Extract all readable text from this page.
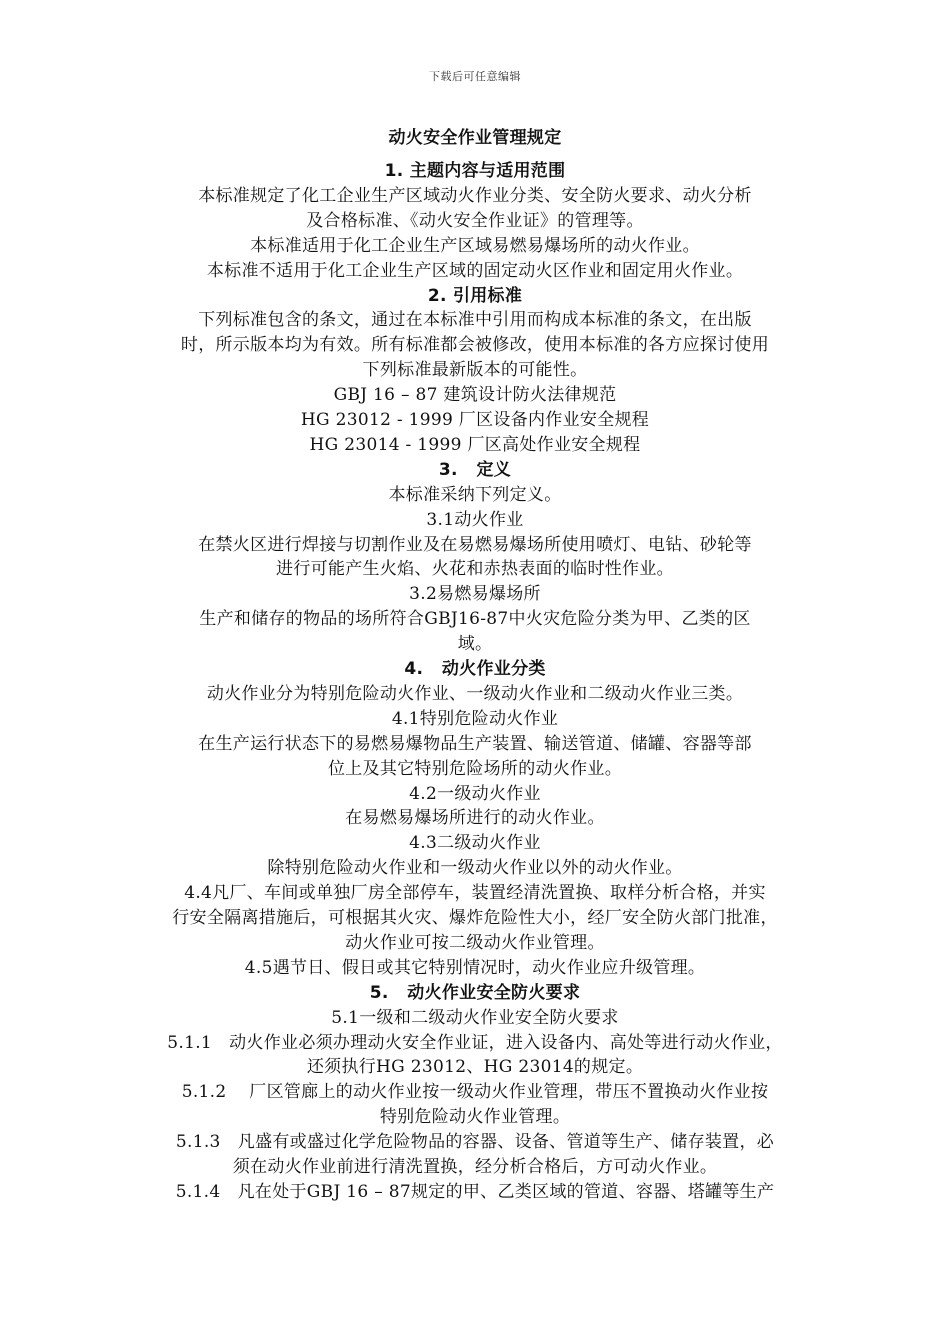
下载后可任意编辑
动火安全作业管理规定
1. 主题内容与适用范围
本标准规定了化工企业生产区域动火作业分类、安全防火要求、动火分析
及合格标准、《动火安全作业证》的管理等。
本标准适用于化工企业生产区域易燃易爆场所的动火作业。
本标准不适用于化工企业生产区域的固定动火区作业和固定用火作业。
2. 引用标准
下列标准包含的条文，通过在本标准中引用而构成本标准的条文，在出版
时，所示版本均为有效。所有标准都会被修改，使用本标准的各方应探讨使用
下列标准最新版本的可能性。
GBJ 16 – 87 建筑设计防火法律规范
HG 23012 - 1999 厂区设备内作业安全规程
HG 23014 - 1999 厂区高处作业安全规程
3.   定义
本标准采纳下列定义。
3.1动火作业
在禁火区进行焊接与切割作业及在易燃易爆场所使用喷灯、电钻、砂轮等
进行可能产生火焰、火花和赤热表面的临时性作业。
3.2易燃易爆场所
生产和储存的物品的场所符合GBJ16-87中火灾危险分类为甲、乙类的区
域。
4.   动火作业分类
动火作业分为特别危险动火作业、一级动火作业和二级动火作业三类。
4.1特别危险动火作业
在生产运行状态下的易燃易爆物品生产装置、输送管道、储罐、容器等部
位上及其它特别危险场所的动火作业。
4.2一级动火作业
在易燃易爆场所进行的动火作业。
4.3二级动火作业
除特别危险动火作业和一级动火作业以外的动火作业。
4.4凡厂、车间或单独厂房全部停车，装置经清洗置换、取样分析合格，并实
行安全隔离措施后，可根据其火灾、爆炸危险性大小，经厂安全防火部门批准，
动火作业可按二级动火作业管理。
4.5遇节日、假日或其它特别情况时，动火作业应升级管理。
5.   动火作业安全防火要求
5.1一级和二级动火作业安全防火要求
5.1.1   动火作业必须办理动火安全作业证，进入设备内、高处等进行动火作业，
还须执行HG 23012、HG 23014的规定。
5.1.2    厂区管廊上的动火作业按一级动火作业管理，带压不置换动火作业按
特别危险动火作业管理。
5.1.3   凡盛有或盛过化学危险物品的容器、设备、管道等生产、储存装置，必
须在动火作业前进行清洗置换，经分析合格后，方可动火作业。
5.1.4   凡在处于GBJ 16 – 87规定的甲、乙类区域的管道、容器、塔罐等生产
